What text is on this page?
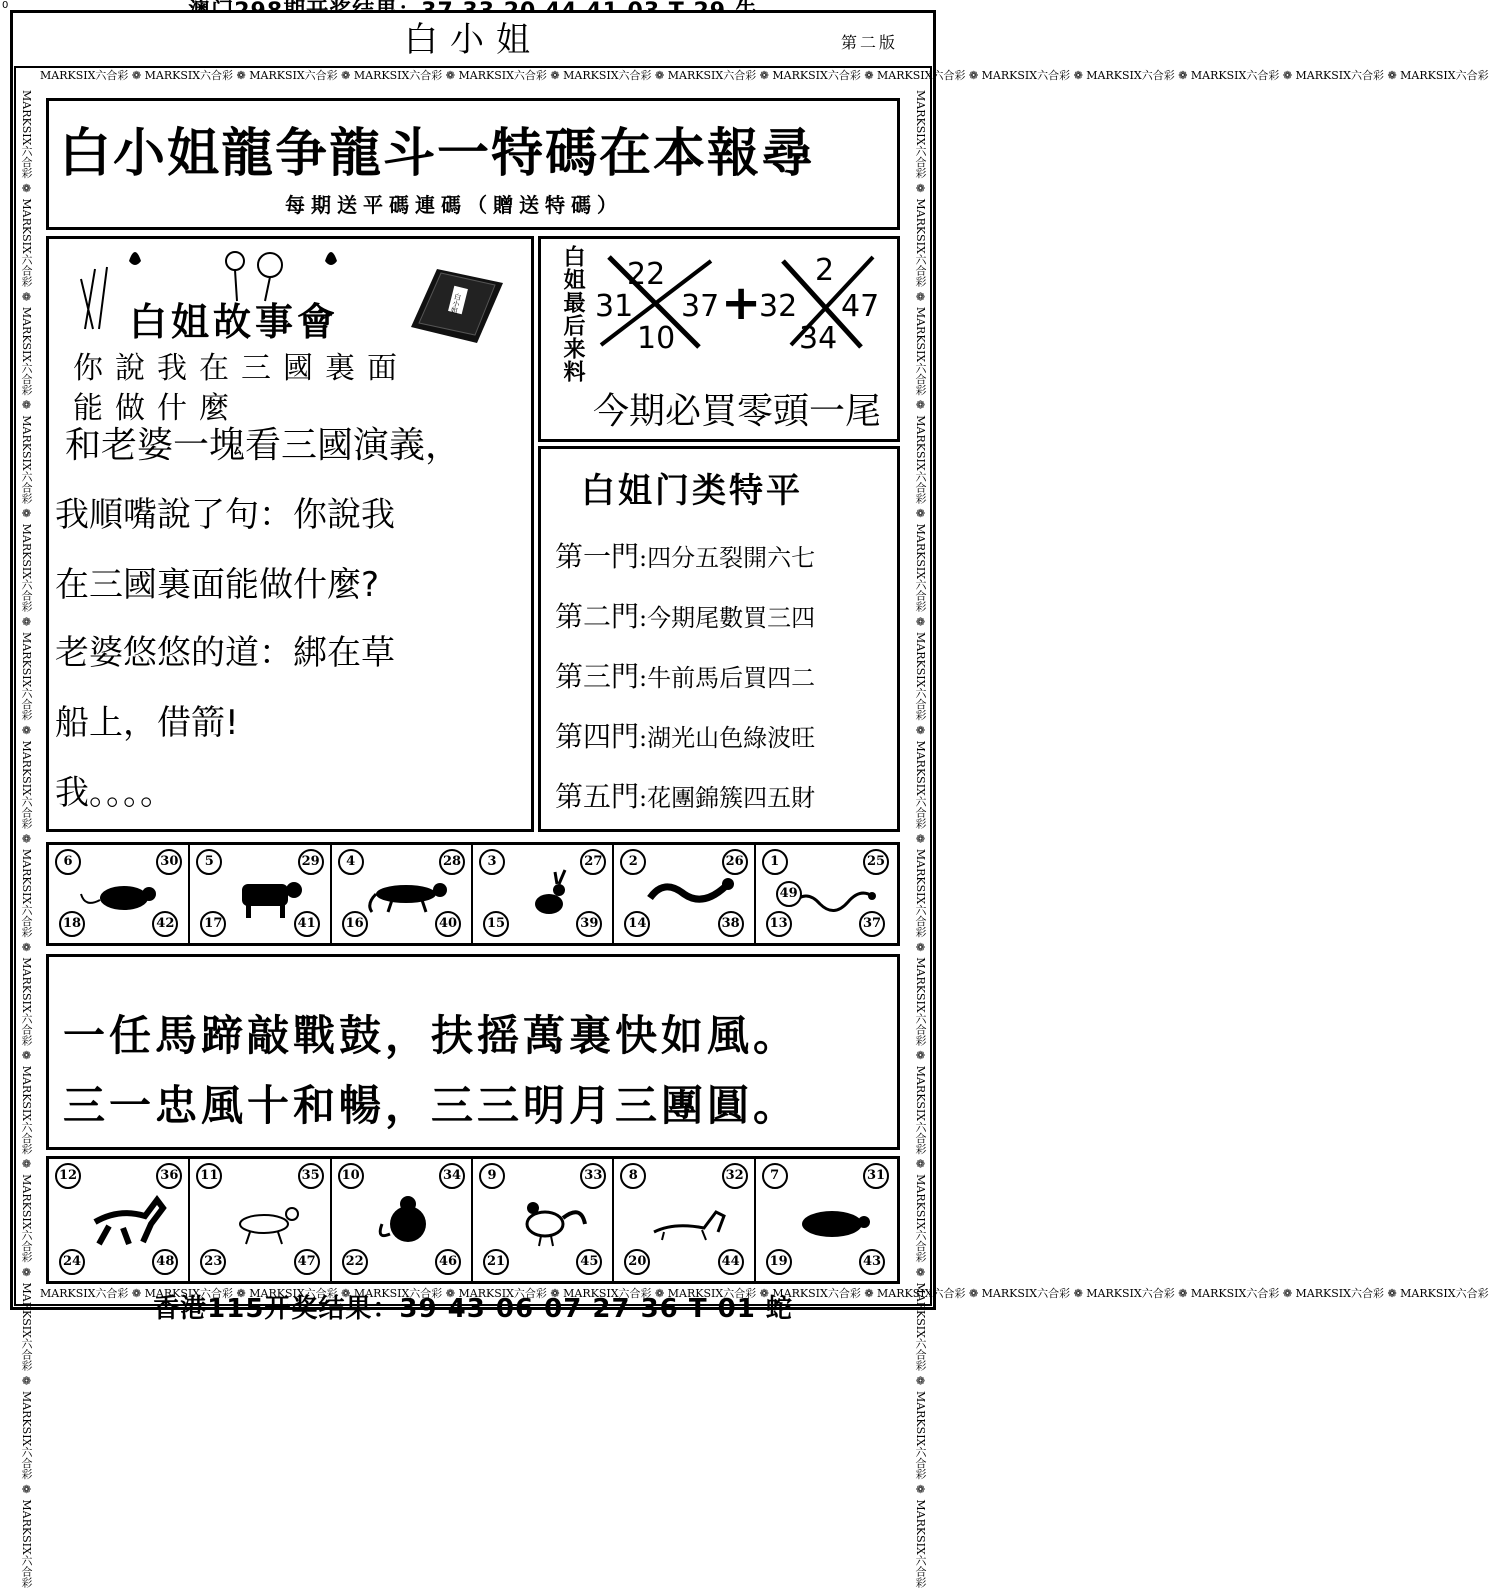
0
白小姐	第二版
MARKSIX六合彩 ❁ MARKSIX六合彩 ❁ MARKSIX六合彩 ❁ MARKSIX六合彩 ❁ MARKSIX六合彩 ❁ MARKSIX六合彩 ❁ MARKSIX六合彩 ❁ MARKSIX六合彩 ❁ MARKSIX六合彩 ❁ MARKSIX六合彩 ❁ MARKSIX六合彩 ❁ MARKSIX六合彩 ❁ MARKSIX六合彩 ❁ MARKSIX六合彩
MARKSIX六合彩 ❁ MARKSIX六合彩 ❁ MARKSIX六合彩 ❁ MARKSIX六合彩 ❁ MARKSIX六合彩 ❁ MARKSIX六合彩 ❁ MARKSIX六合彩 ❁ MARKSIX六合彩 ❁ MARKSIX六合彩 ❁ MARKSIX六合彩 ❁ MARKSIX六合彩 ❁ MARKSIX六合彩 ❁ MARKSIX六合彩 ❁ MARKSIX六合彩
MARKSIX六合彩 ❁ MARKSIX六合彩 ❁ MARKSIX六合彩 ❁ MARKSIX六合彩 ❁ MARKSIX六合彩 ❁ MARKSIX六合彩 ❁ MARKSIX六合彩 ❁ MARKSIX六合彩 ❁ MARKSIX六合彩 ❁ MARKSIX六合彩 ❁ MARKSIX六合彩 ❁ MARKSIX六合彩 ❁ MARKSIX六合彩 ❁ MARKSIX六合彩	MARKSIX六合彩 ❁ MARKSIX六合彩 ❁ MARKSIX六合彩 ❁ MARKSIX六合彩 ❁ MARKSIX六合彩 ❁ MARKSIX六合彩 ❁ MARKSIX六合彩 ❁ MARKSIX六合彩 ❁ MARKSIX六合彩 ❁ MARKSIX六合彩 ❁ MARKSIX六合彩 ❁ MARKSIX六合彩 ❁ MARKSIX六合彩 ❁ MARKSIX六合彩
白小姐龍争龍斗一特碼在本報尋
每期送平碼連碼（贈送特碼）
白姐故事會	白小姐
你說我在三國裏面
能做什麼
和老婆一塊看三國演義，
我順嘴說了句：你說我
在三國裏面能做什麼?
老婆悠悠的道：綁在草
船上，借箭!
我。。。。
白姐最后来料 22
31 37
10
+
2
32 47
34
今期必買零頭一尾
白姐门类特平
第一門:四分五裂開六七
第二門:今期尾數買三四
第三門:牛前馬后買四二
第四門:湖光山色綠波旺
第五門:花團錦簇四五財
6	30
18	42
5	29
17	41
4	28
16	40
3	27
15	39
2	26
14	38
1	25
49
13	37
一任馬蹄敲戰鼓，扶摇萬裏快如風。
三一忠風十和暢，三三明月三團圓。
12	36
24	48
11	35
23	47
10	34
22	46
9	33
21	45
8	32
20	44
7	31
19	43
香港115开奖结果：39 43 06 07 27 36 T 01 蛇
